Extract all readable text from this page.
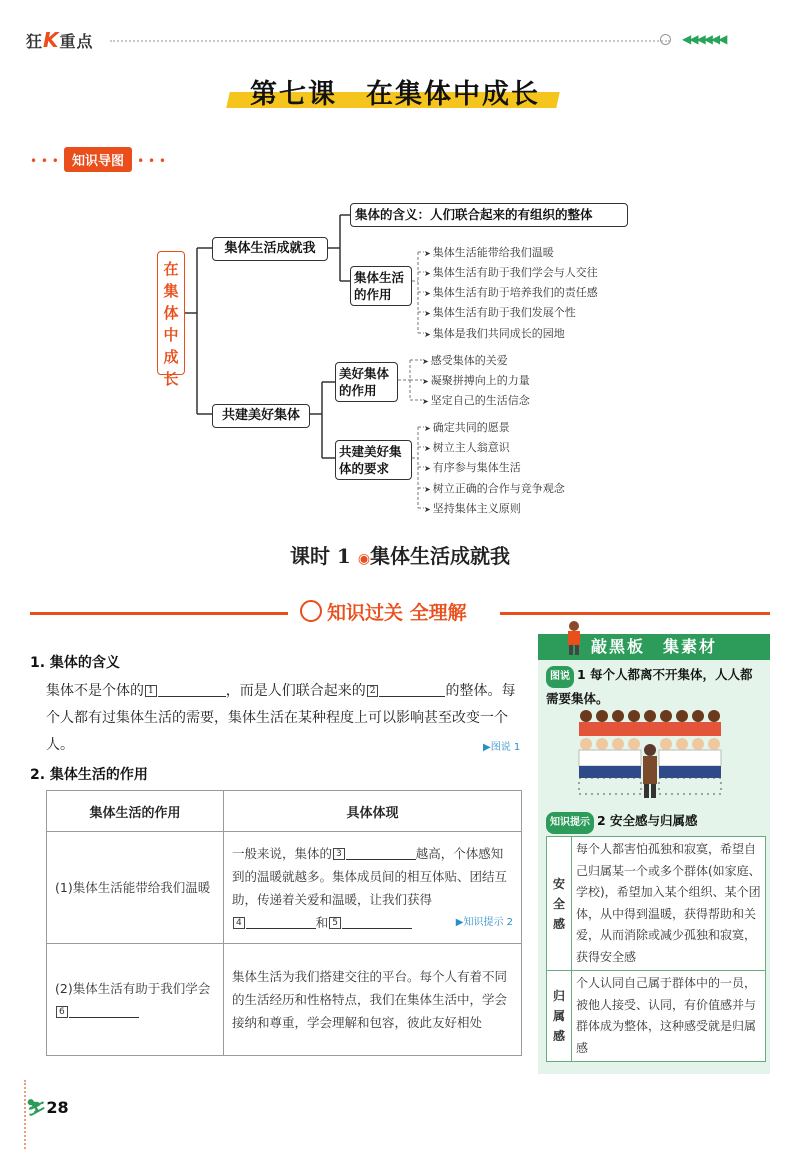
狂K重点	◀◀◀◀◀◀
第七课　在集体中成长
• • • 知识导图 • • •
在集体中成长
集体生活成就我
集体的含义：人们联合起来的有组织的整体
集体生活的作用
➤ 集体生活能带给我们温暖
➤ 集体生活有助于我们学会与人交往
➤ 集体生活有助于培养我们的责任感
➤ 集体生活有助于我们发展个性
➤ 集体是我们共同成长的园地
共建美好集体
美好集体的作用
➤ 感受集体的关爱
➤ 凝聚拼搏向上的力量
➤ 坚定自己的生活信念
共建美好集体的要求
➤ 确定共同的愿景
➤ 树立主人翁意识
➤ 有序参与集体生活
➤ 树立正确的合作与竞争观念
➤ 坚持集体主义原则
课时 1 ◉集体生活成就我
知识过关 全理解
1. 集体的含义
集体不是个体的 1	，而是人们联合起来的 2	的整体。每个人都有过集体生活的需要，集体生活在某种程度上可以影响甚至改变一个人。	▶图说 1
2. 集体生活的作用
集体生活的作用	具体体现
(1)集体生活能带给我们温暖	一般来说，集体的 3 越高，个体感知到的温暖就越多。集体成员间的相互体贴、团结互助，传递着关爱和温暖，让我们获得
4 和 5 ▶知识提示 2

(2)集体生活有助于我们学会6	集体生活为我们搭建交往的平台。每个人有着不同的生活经历和性格特点，我们在集体生活中，学会接纳和尊重，学会理解和包容，彼此友好相处
敲黑板　集素材
图说 1 每个人都离不开集体，人人都需要集体。
知识提示 2 安全感与归属感
安全感	每个人都害怕孤独和寂寞，希望自己归属某一个或多个群体(如家庭、学校)，希望加入某个组织、某个团体，从中得到温暖，获得帮助和关爱，从而消除或减少孤独和寂寞，获得安全感
归属感	个人认同自己属于群体中的一员，被他人接受、认同，有价值感并与群体成为整体，这种感受就是归属感
⛷28
